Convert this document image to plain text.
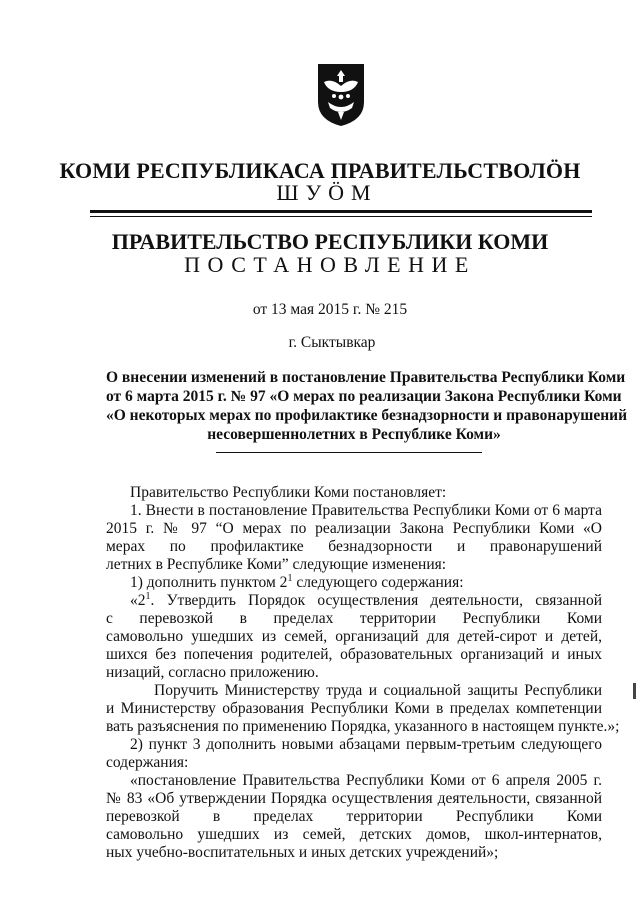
КОМИ РЕСПУБЛИКАСА ПРАВИТЕЛЬСТВОЛÖН
ШУÖМ
ПРАВИТЕЛЬСТВО РЕСПУБЛИКИ КОМИ
ПОСТАНОВЛЕНИЕ
от 13 мая 2015 г. № 215
г. Сыктывкар
О внесении изменений в постановление Правительства Республики Коми
от 6 марта 2015 г. № 97 «О мерах по реализации Закона Республики Коми
«О некоторых мерах по профилактике безнадзорности и правонарушений
несовершеннолетних в Республике Коми»
Правительство Республики Коми постановляет:
1. Внести в постановление Правительства Республики Коми от 6 марта
2015 г. № 97 “О мерах по реализации Закона Республики Коми «О
мерах по профилактике безнадзорности и правонарушений
летних в Республике Коми” следующие изменения:
1) дополнить пунктом $2^1$ следующего содержания:
«$2^1$. Утвердить Порядок осуществления деятельности, связанной
с перевозкой в пределах территории Республики Коми
самовольно ушедших из семей, организаций для детей-сирот и детей,
шихся без попечения родителей, образовательных организаций и иных
низаций, согласно приложению.
Поручить Министерству труда и социальной защиты Республики
и Министерству образования Республики Коми в пределах компетенции
вать разъяснения по применению Порядка, указанного в настоящем пункте.»;
2) пункт 3 дополнить новыми абзацами первым-третьим следующего
содержания:
«постановление Правительства Республики Коми от 6 апреля 2005 г.
№ 83 «Об утверждении Порядка осуществления деятельности, связанной
перевозкой в пределах территории Республики Коми
самовольно ушедших из семей, детских домов, школ-интернатов,
ных учебно-воспитательных и иных детских учреждений»;
